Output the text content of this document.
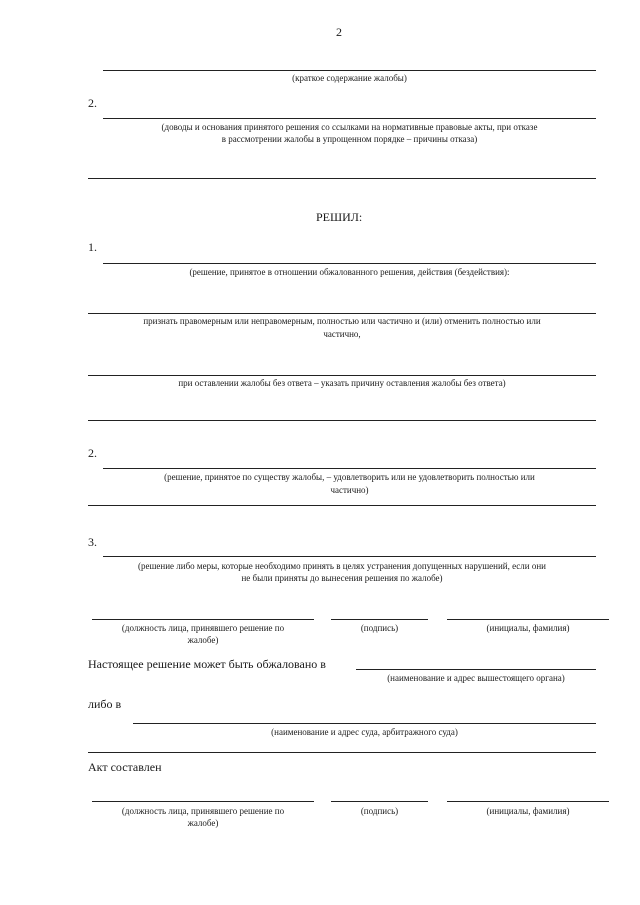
2
(краткое содержание жалобы)
2.
(доводы и основания принятого решения со ссылками на нормативные правовые акты, при отказе
в рассмотрении жалобы в упрощенном порядке – причины отказа)
РЕШИЛ:
1.
(решение, принятое в отношении обжалованного решения, действия (бездействия):
признать правомерным или неправомерным, полностью или частично и (или) отменить полностью или
частично,
при оставлении жалобы без ответа – указать причину оставления жалобы без ответа)
2.
(решение, принятое по существу жалобы, – удовлетворить или не удовлетворить полностью или
частично)
3.
(решение либо меры, которые необходимо принять в целях устранения допущенных нарушений, если они
не были приняты до вынесения решения по жалобе)
(должность лица, принявшего решение по
жалобе)
(подпись)	(инициалы, фамилия)
Настоящее решение может быть обжаловано в
(наименование и адрес вышестоящего органа)
либо в
(наименование и адрес суда, арбитражного суда)
Акт составлен
(должность лица, принявшего решение по
жалобе)
(подпись)	(инициалы, фамилия)
